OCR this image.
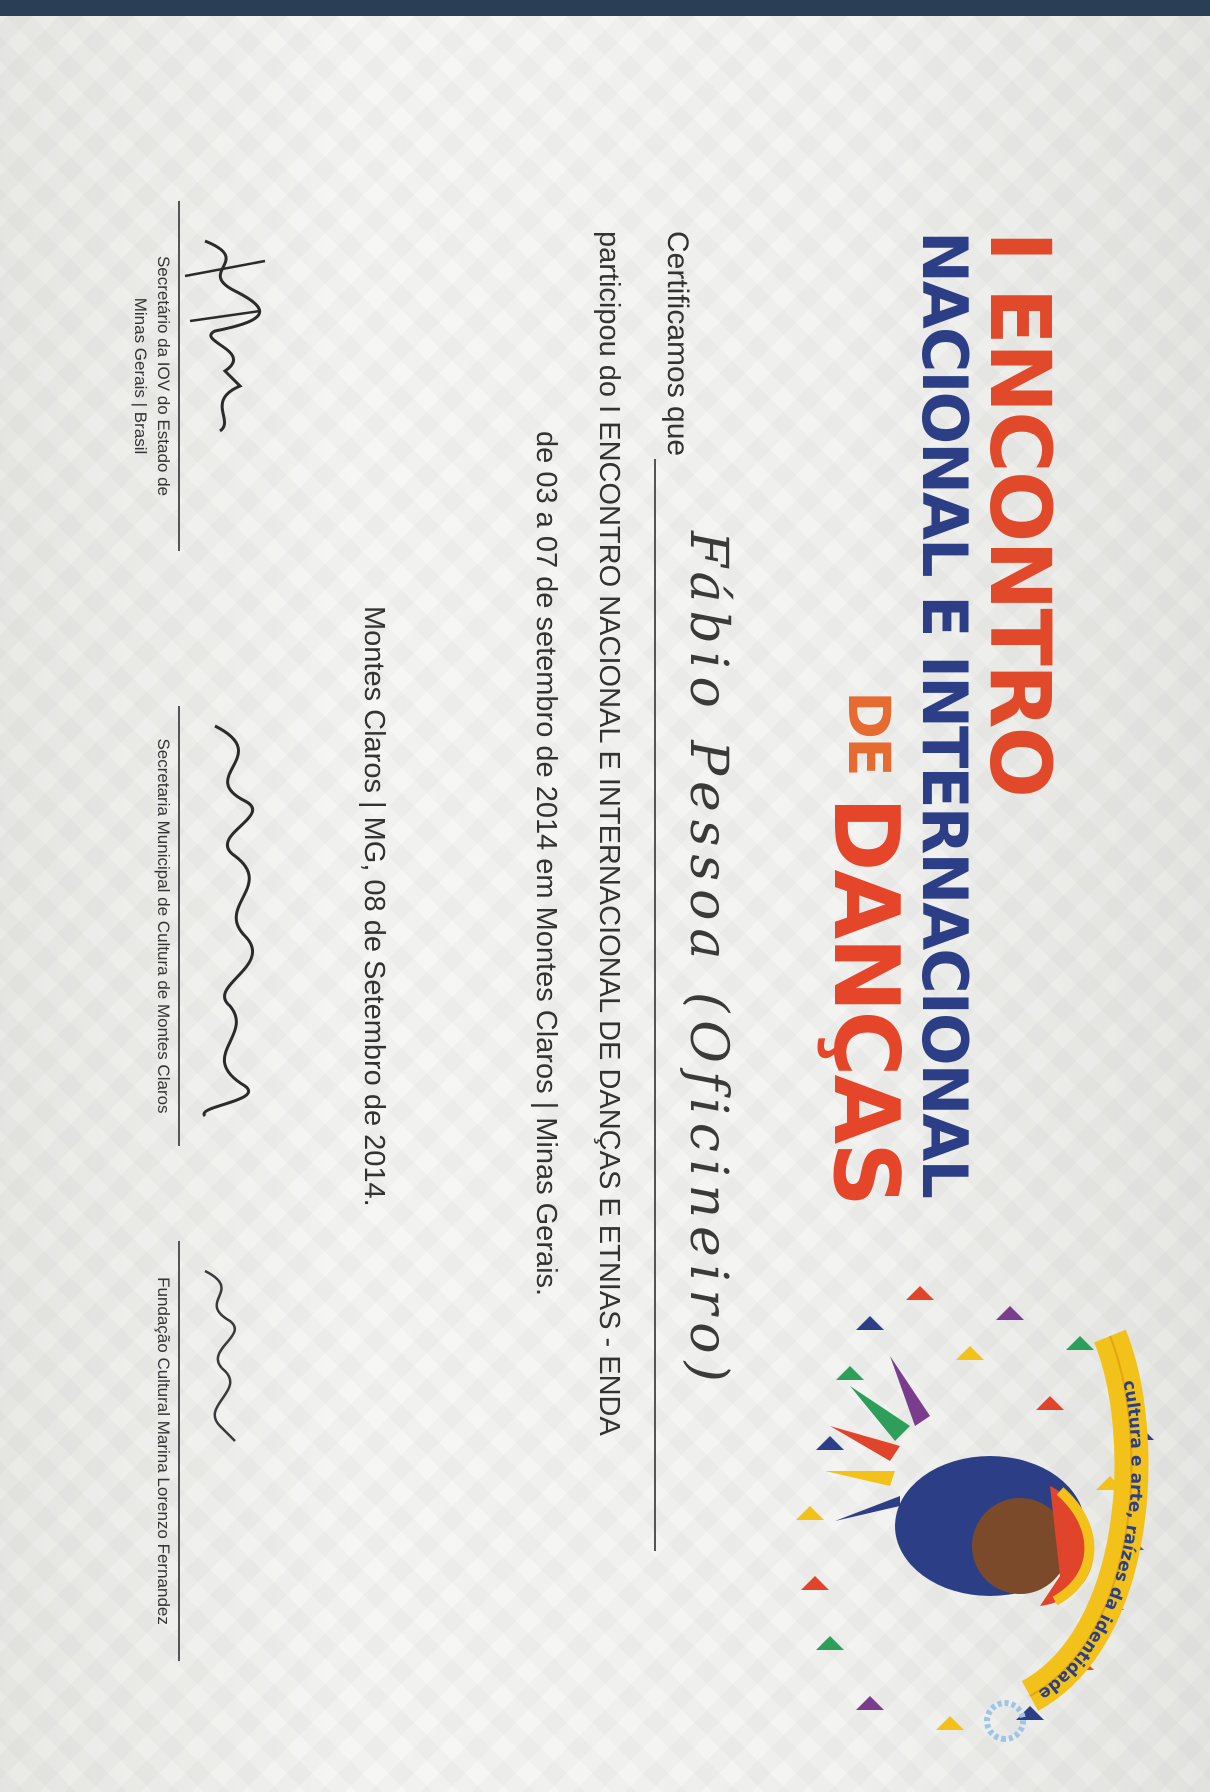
I ENCONTRO
NACIONAL E INTERNACIONAL
DEDANÇAS
Certificamos que
Fábio Pessoa (Oficineiro)
participou do I ENCONTRO NACIONAL E INTERNACIONAL DE DANÇAS E ETNIAS - ENDA
de 03 a 07 de setembro de 2014 em Montes Claros | Minas Gerais.
Montes Claros | MG, 08 de Setembro de 2014.
Secretário da IOV do Estado de
Minas Gerais | Brasil
Secretaria Municipal de Cultura de Montes Claros
Fundação Cultural Marina Lorenzo Fernandez	cultura e arte, raízes da identidade
